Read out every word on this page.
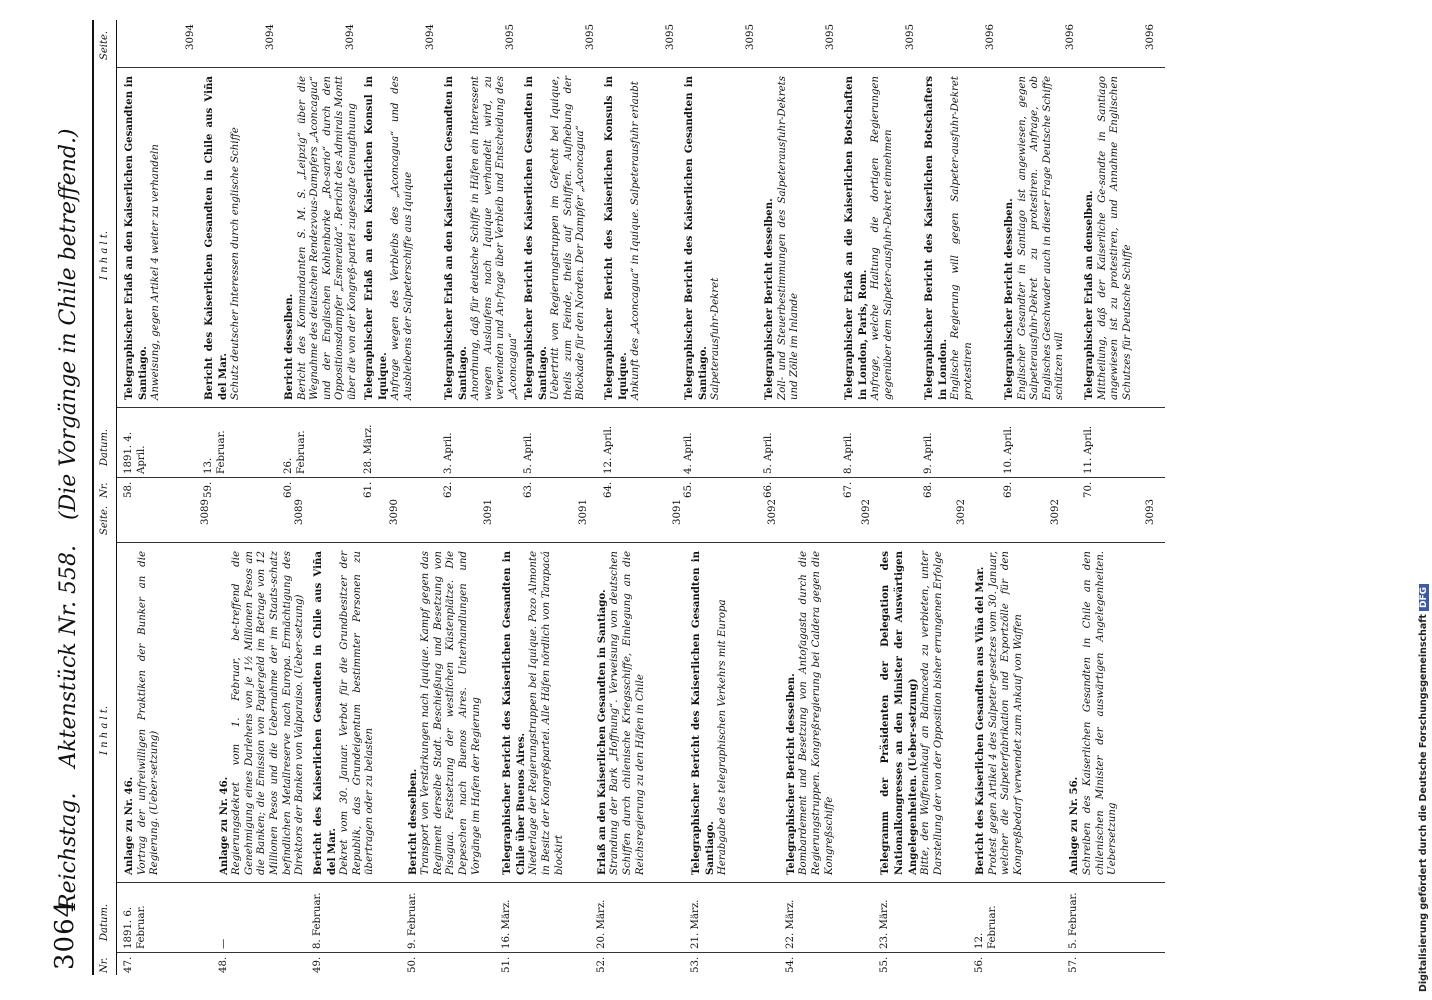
3064
Reichstag. Aktenstück Nr. 558. (Die Vorgänge in Chile betreffend.)
Nr.
Datum.
I n h a l t.
Seite.
47.
1891. 6. Februar.
Anlage zu Nr. 46. Vortrag der unfreiwilligen Praktiken der Bunker an die Regierung. (Ueber-setzung)
3089
48.
—
Anlage zu Nr. 46. Regierungsdekret vom 1. Februar, be-treffend die Genehmigung eines Darlehens von je 1½ Millionen Pesos an die Banken; die Emission von Papiergeld im Betrage von 12 Millionen Pesos und die Uebernahme der im Staats-schatz befindlichen Metallreserve nach Europa. Ermächtigung des Direktors der Banken von Valparaiso. (Ueber-setzung)
3089
49.
8. Februar.
Bericht des Kaiserlichen Gesandten in Chile aus Viña del Mar. Dekret vom 30. Januar. Verbot für die Grundbesitzer der Republik, das Grundeigentum bestimmter Personen zu übertragen oder zu belasten
3090
50.
9. Februar.
Bericht desselben. Transport von Verstärkungen nach Iquique. Kampf gegen das Regiment derselbe Stadt. Beschießung und Besetzung von Pisagua. Festsetzung der westlichen Küstenplätze. Die Depeschen nach Buenos Aires. Unterhandlungen und Vorgänge im Hafen der Regierung
3091
51.
16. März.
Telegraphischer Bericht des Kaiserlichen Gesandten in Chile über Buenos Aires. Niederlage der Regierungstruppen bei Iquique. Pozo Almonte in Besitz der Kongreßpartei. Alle Häfen nördlich von Tarapacá blockirt
3091
52.
20. März.
Erlaß an den Kaiserlichen Gesandten in Santiago. Strandung der Bark „Hoffnung“. Verweisung von deutschen Schiffen durch chilenische Kriegsschiffe, Einlegung an die Reichsregierung zu den Häfen in Chile
3091
53.
21. März.
Telegraphischer Bericht des Kaiserlichen Gesandten in Santiago. Herabgabe des telegraphischen Verkehrs mit Europa
3092
54.
22. März.
Telegraphischer Bericht desselben. Bombardement und Besetzung von Antofagasta durch die Regierungstruppen. Kongreßregierung bei Caldera gegen die Kongreßschiffe
3092
55.
23. März.
Telegramm der Präsidenten der Delegation des Nationalkongresses an den Minister der Auswärtigen Angelegenheiten. (Ueber-setzung) Bitte, den Waffenankauf an Balmaceda zu verbieten, unter Darstellung der von der Opposition bisher errungenen Erfolge
3092
56.
12. Februar.
Bericht des Kaiserlichen Gesandten aus Viña del Mar. Protest gegen Artikel 4 des Salpeter-gesetzes vom 30. Januar, welcher die Salpeterfabrikation und Exportzölle für den Kongreßbedarf verwendet zum Ankauf von Waffen
3092
57.
5. Februar.
Anlage zu Nr. 56. Schreiben des Kaiserlichen Gesandten in Chile an den chilenischen Minister der auswärtigen Angelegenheiten. Uebersetzung
3093
Nr.
Datum.
I n h a l t.
Seite.
58.
1891. 4. April.
Telegraphischer Erlaß an den Kaiserlichen Gesandten in Santiago. Anweisung, gegen Artikel 4 weiter zu verhandeln
3094
59.
13. Februar.
Bericht des Kaiserlichen Gesandten in Chile aus Viña del Mar. Schutz deutscher Interessen durch englische Schiffe
3094
60.
26. Februar.
Bericht desselben. Bericht des Kommandanten S. M. S. „Leipzig“ über die Wegnahme des deutschen Rendezvous-Dampfers „Aconcagua“ und der Englischen Kohlenbarke „Ro-sario“ durch den Oppositionsdampfer „Esmeralda“. Bericht des Admirals Montt über die von der Kongreß-partei zugesagte Genugthuung
3094
61.
28. März.
Telegraphischer Erlaß an den Kaiserlichen Konsul in Iquique. Anfrage wegen des Verbleibs des „Aconcagua“ und des Ausbleibens der Salpeterschiffe aus Iquique
3094
62.
3. April.
Telegraphischer Erlaß an den Kaiserlichen Gesandten in Santiago. Anordnung, daß für deutsche Schiffe in Häfen ein Interessent wegen Auslaufens nach Iquique verhandelt wird, zu verwenden und An-frage über Verbleib und Entscheidung des „Aconcagua“
3095
63.
5. April.
Telegraphischer Bericht des Kaiserlichen Gesandten in Santiago. Uebertritt von Regierungstruppen im Gefecht bei Iquique, theils zum Feinde, theils auf Schiffen. Aufhebung der Blockade für den Norden. Der Dampfer „Aconcagua“
3095
64.
12. April.
Telegraphischer Bericht des Kaiserlichen Konsuls in Iquique. Ankunft des „Aconcagua“ in Iquique. Salpeterausfuhr erlaubt
3095
65.
4. April.
Telegraphischer Bericht des Kaiserlichen Gesandten in Santiago. Salpeterausfuhr-Dekret
3095
66.
5. April.
Telegraphischer Bericht desselben. Zoll- und Steuerbestimmungen des Salpeterausfuhr-Dekrets und Zölle im Inlande
3095
67.
8. April.
Telegraphischer Erlaß an die Kaiserlichen Botschaften in London, Paris, Rom. Anfrage, welche Haltung die dortigen Regierungen gegenüber dem Salpeter-ausfuhr-Dekret einnehmen
3095
68.
9. April.
Telegraphischer Bericht des Kaiserlichen Botschafters in London. Englische Regierung will gegen Salpeter-ausfuhr-Dekret protestiren
3096
69.
10. April.
Telegraphischer Bericht desselben. Englischer Gesandter in Santiago ist angewiesen, gegen Salpeterausfuhr-Dekret zu protestiren. Anfrage, ob Englisches Geschwader auch in dieser Frage Deutsche Schiffe schützen will
3096
70.
11. April.
Telegraphischer Erlaß an denselben. Mittheilung, daß der Kaiserliche Ge-sandte in Santiago angewiesen ist zu protestiren, und Annahme Englischen Schutzes für Deutsche Schiffe
3096
Digitalisierung gefördert durch die Deutsche ForschungsgemeinschaftDFG
